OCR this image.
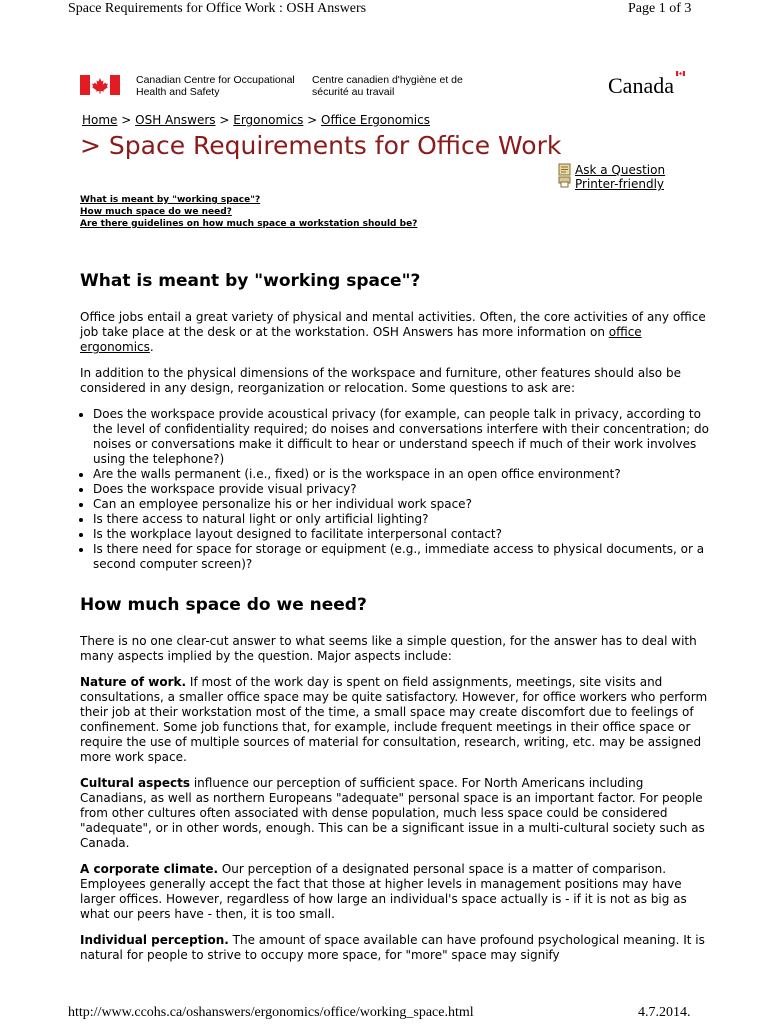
Space Requirements for Office Work : OSH Answers	Page 1 of 3
Canadian Centre for Occupational Health and Safety
Centre canadien d'hygiène et de sécurité au travail	Canada
Home > OSH Answers > Ergonomics > Office Ergonomics
> Space Requirements for Office Work
Ask a Question
Printer-friendly
What is meant by "working space"?
How much space do we need?
Are there guidelines on how much space a workstation should be?
What is meant by "working space"?

Office jobs entail a great variety of physical and mental activities. Often, the core activities of any office job take place at the desk or at the workstation. OSH Answers has more information on office ergonomics.

In addition to the physical dimensions of the workspace and furniture, other features should also be considered in any design, reorganization or relocation. Some questions to ask are:

• Does the workspace provide acoustical privacy (for example, can people talk in privacy, according to the level of confidentiality required; do noises and conversations interfere with their concentration; do noises or conversations make it difficult to hear or understand speech if much of their work involves using the telephone?)
• Are the walls permanent (i.e., fixed) or is the workspace in an open office environment?
• Does the workspace provide visual privacy?
• Can an employee personalize his or her individual work space?
• Is there access to natural light or only artificial lighting?
• Is the workplace layout designed to facilitate interpersonal contact?
• Is there need for space for storage or equipment (e.g., immediate access to physical documents, or a second computer screen)?
How much space do we need?

There is no one clear-cut answer to what seems like a simple question, for the answer has to deal with many aspects implied by the question. Major aspects include:

Nature of work. If most of the work day is spent on field assignments, meetings, site visits and consultations, a smaller office space may be quite satisfactory. However, for office workers who perform their job at their workstation most of the time, a small space may create discomfort due to feelings of confinement. Some job functions that, for example, include frequent meetings in their office space or require the use of multiple sources of material for consultation, research, writing, etc. may be assigned more work space.

Cultural aspects influence our perception of sufficient space. For North Americans including Canadians, as well as northern Europeans "adequate" personal space is an important factor. For people from other cultures often associated with dense population, much less space could be considered "adequate", or in other words, enough. This can be a significant issue in a multi-cultural society such as Canada.

A corporate climate. Our perception of a designated personal space is a matter of comparison. Employees generally accept the fact that those at higher levels in management positions may have larger offices. However, regardless of how large an individual's space actually is - if it is not as big as what our peers have - then, it is too small.

Individual perception. The amount of space available can have profound psychological meaning. It is natural for people to strive to occupy more space, for "more" space may signify

http://www.ccohs.ca/oshanswers/ergonomics/office/working_space.html	4.7.2014.
